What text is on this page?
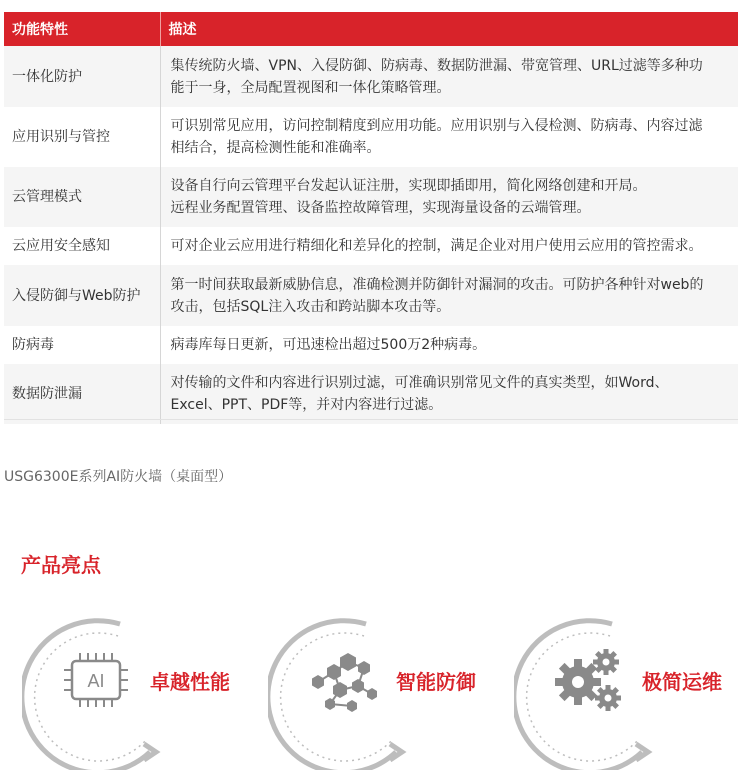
功能特性	描述
一体化防护	集传统防火墙、VPN、入侵防御、防病毒、数据防泄漏、带宽管理、URL过滤等多种功
能于一身，全局配置视图和一体化策略管理。

应用识别与管控	可识别常见应用，访问控制精度到应用功能。应用识别与入侵检测、防病毒、内容过滤
相结合，提高检测性能和准确率。

云管理模式	设备自行向云管理平台发起认证注册，实现即插即用，简化网络创建和开局。
远程业务配置管理、设备监控故障管理，实现海量设备的云端管理。

云应用安全感知	可对企业云应用进行精细化和差异化的控制，满足企业对用户使用云应用的管控需求。

入侵防御与Web防护	第一时间获取最新威胁信息，准确检测并防御针对漏洞的攻击。可防护各种针对web的
攻击，包括SQL注入攻击和跨站脚本攻击等。

防病毒	病毒库每日更新，可迅速检出超过500万2种病毒。

数据防泄漏	对传输的文件和内容进行识别过滤，可准确识别常见文件的真实类型，如Word、
Excel、PPT、PDF等，并对内容进行过滤。
USG6300E系列AI防火墙（桌面型）
产品亮点
AI 卓越性能	智能防御	极简运维
